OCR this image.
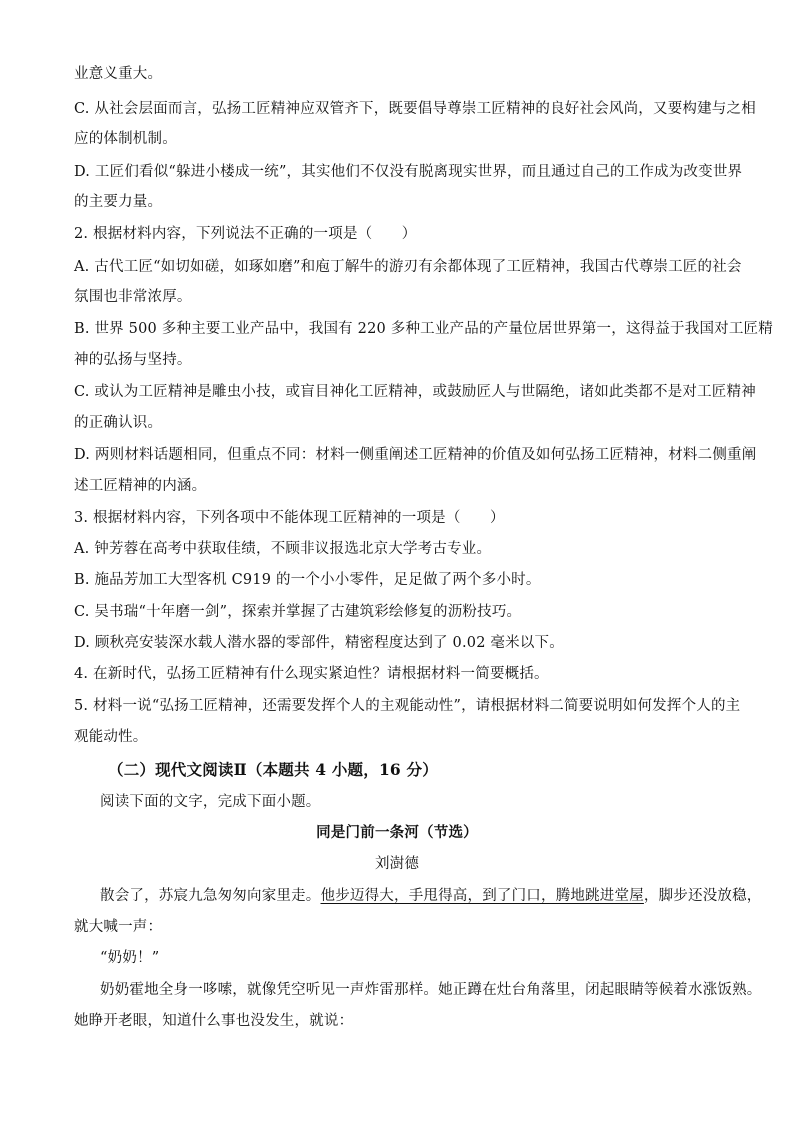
业意义重大。
C. 从社会层面而言，弘扬工匠精神应双管齐下，既要倡导尊崇工匠精神的良好社会风尚，又要构建与之相
应的体制机制。
D. 工匠们看似“躲进小楼成一统”，其实他们不仅没有脱离现实世界，而且通过自己的工作成为改变世界
的主要力量。
2. 根据材料内容，下列说法不正确的一项是（　　）
A. 古代工匠“如切如磋，如琢如磨”和庖丁解牛的游刃有余都体现了工匠精神，我国古代尊崇工匠的社会
氛围也非常浓厚。
B. 世界 500 多种主要工业产品中，我国有 220 多种工业产品的产量位居世界第一，这得益于我国对工匠精
神的弘扬与坚持。
C. 或认为工匠精神是雕虫小技，或盲目神化工匠精神，或鼓励匠人与世隔绝，诸如此类都不是对工匠精神
的正确认识。
D. 两则材料话题相同，但重点不同：材料一侧重阐述工匠精神的价值及如何弘扬工匠精神，材料二侧重阐
述工匠精神的内涵。
3. 根据材料内容，下列各项中不能体现工匠精神的一项是（　　）
A. 钟芳蓉在高考中获取佳绩，不顾非议报选北京大学考古专业。
B. 施品芳加工大型客机 C919 的一个小小零件，足足做了两个多小时。
C. 吴书瑞“十年磨一剑”，探索并掌握了古建筑彩绘修复的沥粉技巧。
D. 顾秋亮安装深水载人潜水器的零部件，精密程度达到了 0.02 毫米以下。
4. 在新时代，弘扬工匠精神有什么现实紧迫性？请根据材料一简要概括。
5. 材料一说“弘扬工匠精神，还需要发挥个人的主观能动性”，请根据材料二简要说明如何发挥个人的主
观能动性。
（二）现代文阅读Ⅱ（本题共 4 小题，16 分）
阅读下面的文字，完成下面小题。
同是门前一条河（节选）
刘澍德
散会了，苏宸九急匆匆向家里走。他步迈得大，手甩得高，到了门口，腾地跳进堂屋，脚步还没放稳，
就大喊一声：
“奶奶！”
奶奶霍地全身一哆嗦，就像凭空听见一声炸雷那样。她正蹲在灶台角落里，闭起眼睛等候着水涨饭熟。
她睁开老眼，知道什么事也没发生，就说：
